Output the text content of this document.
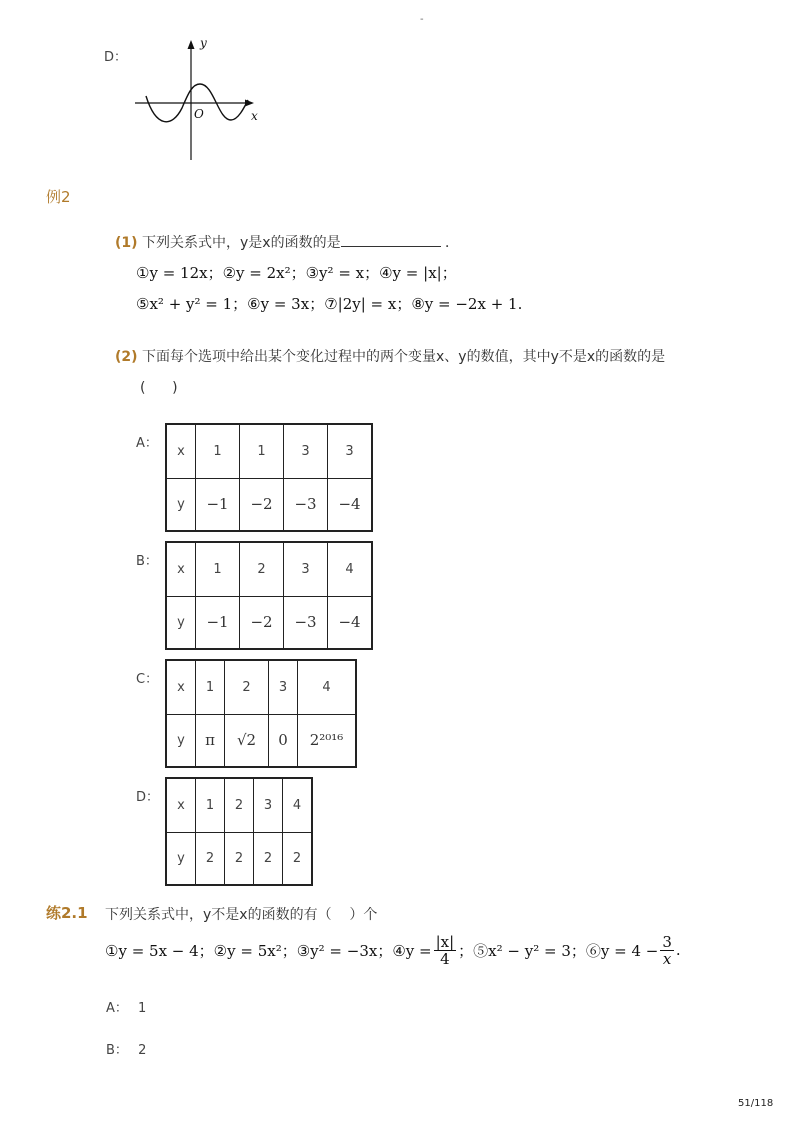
-
D：
y
x
O
例2
(1) 下列关系式中，y是x的函数的是	．
①y = 12x；②y = 2x²；③y² = x；④y = |x|；
⑤x² + y² = 1；⑥y = 3x；⑦|2y| = x；⑧y = −2x + 1.
(2) 下面每个选项中给出某个变化过程中的两个变量x、y的数值，其中y不是x的函数的是
(      )
A：
x	1	1	3	3
y	−1	−2	−3	−4
B：
x	1	2	3	4
y	−1	−2	−3	−4
C：
x	1	2	3	4
y	π	√2	0	2²⁰¹⁶
D：
x	1	2	3	4
y	2	2	2	2
练2.1 下列关系式中，y不是x的函数的有（    ）个
①y = 5x − 4；②y = 5x²；③y² = −3x；④y = $\frac{|x|}{4}$ ；⑤x² − y² = 3；⑥y = $4 - \frac{3}{x}$ .
A： 1
B： 2
51/118
